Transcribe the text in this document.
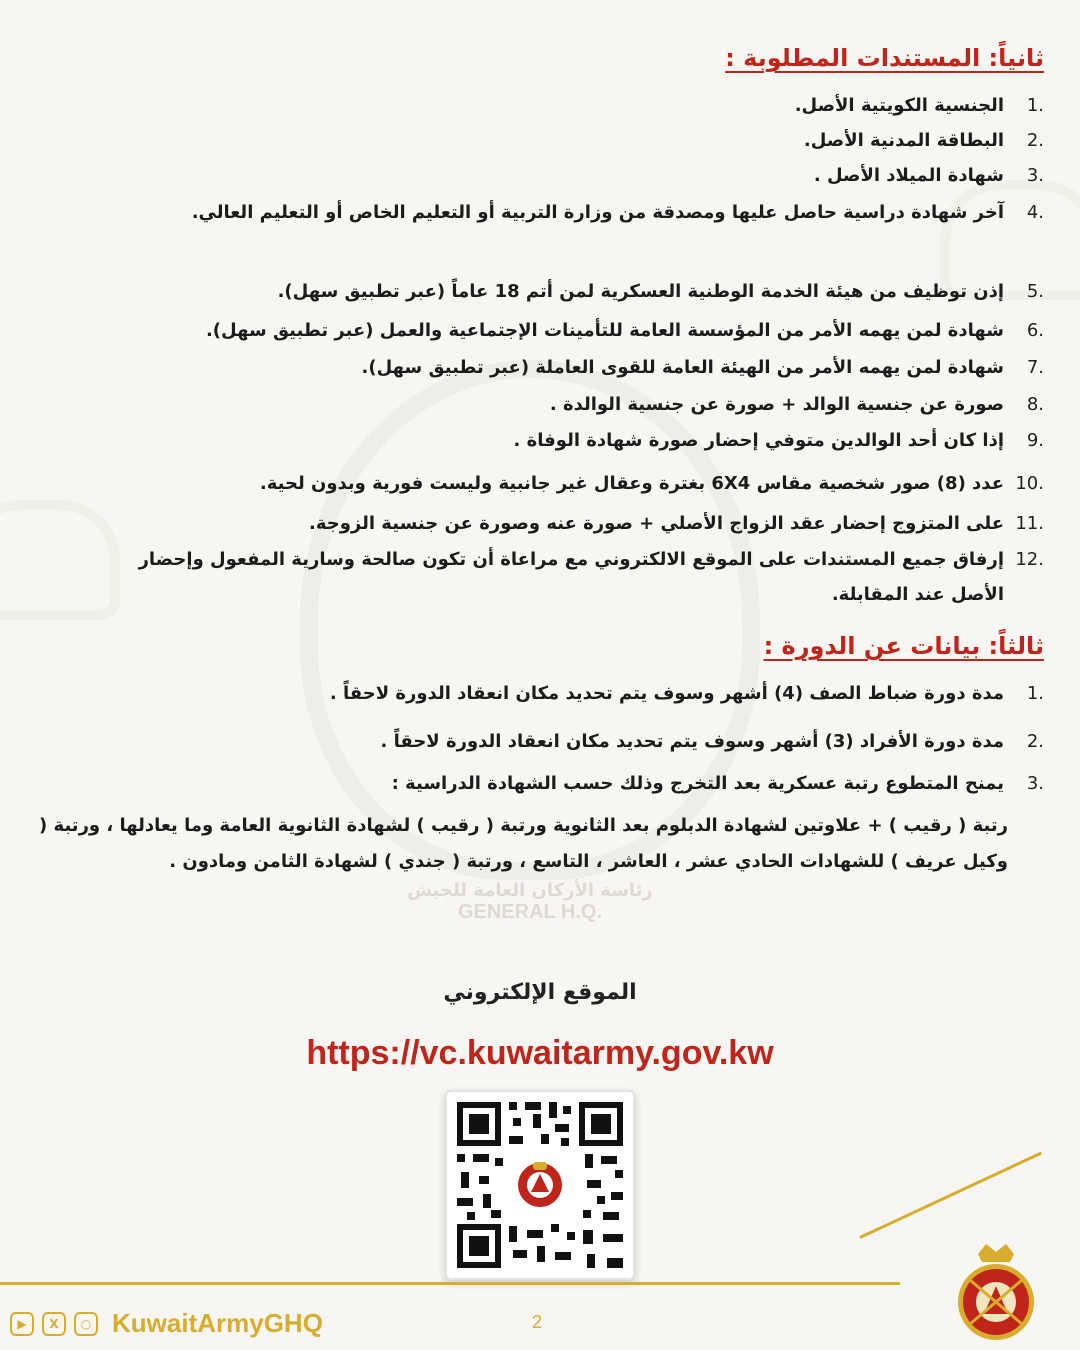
رئاسة الأركان العامة للجيش
GENERAL H.Q.
ثانياً: المستندات المطلوبة :
.1
الجنسية الكويتية الأصل.
.2
البطاقة المدنية الأصل.
.3
شهادة الميلاد الأصل .
.4
آخر شهادة دراسية حاصل عليها ومصدقة من وزارة التربية أو التعليم الخاص أو التعليم العالي.
.5
إذن توظيف من هيئة الخدمة الوطنية العسكرية لمن أتم 18 عاماً (عبر تطبيق سهل).
.6
شهادة لمن يهمه الأمر من المؤسسة العامة للتأمينات الإجتماعية والعمل (عبر تطبيق سهل).
.7
شهادة لمن يهمه الأمر من الهيئة العامة للقوى العاملة (عبر تطبيق سهل).
.8
صورة عن جنسية الوالد + صورة عن جنسية الوالدة .
.9
إذا كان أحد الوالدين متوفي إحضار صورة شهادة الوفاة .
.10
عدد (8) صور شخصية مقاس 6X4 بغترة وعقال غير جانبية وليست فورية وبدون لحية.
.11
على المتزوج إحضار عقد الزواج الأصلي + صورة عنه وصورة عن جنسية الزوجة.
.12
إرفاق جميع المستندات على الموقع الالكتروني مع مراعاة أن تكون صالحة وسارية المفعول وإحضار الأصل عند المقابلة.
ثالثاً: بيانات عن الدورة :
.1
مدة دورة ضباط الصف (4) أشهر وسوف يتم تحديد مكان انعقاد الدورة لاحقاً .
.2
مدة دورة الأفراد (3) أشهر وسوف يتم تحديد مكان انعقاد الدورة لاحقاً .
.3
يمنح المتطوع رتبة عسكرية بعد التخرج وذلك حسب الشهادة الدراسية :
رتبة ( رقيب ) + علاوتين لشهادة الدبلوم بعد الثانوية ورتبة ( رقيب ) لشهادة الثانوية العامة وما يعادلها ، ورتبة ( وكيل عريف ) للشهادات الحادي عشر ، العاشر ، التاسع ، ورتبة ( جندي ) لشهادة الثامن ومادون .
الموقع الإلكتروني
https://vc.kuwaitarmy.gov.kw
▶	X	○ KuwaitArmyGHQ	2
